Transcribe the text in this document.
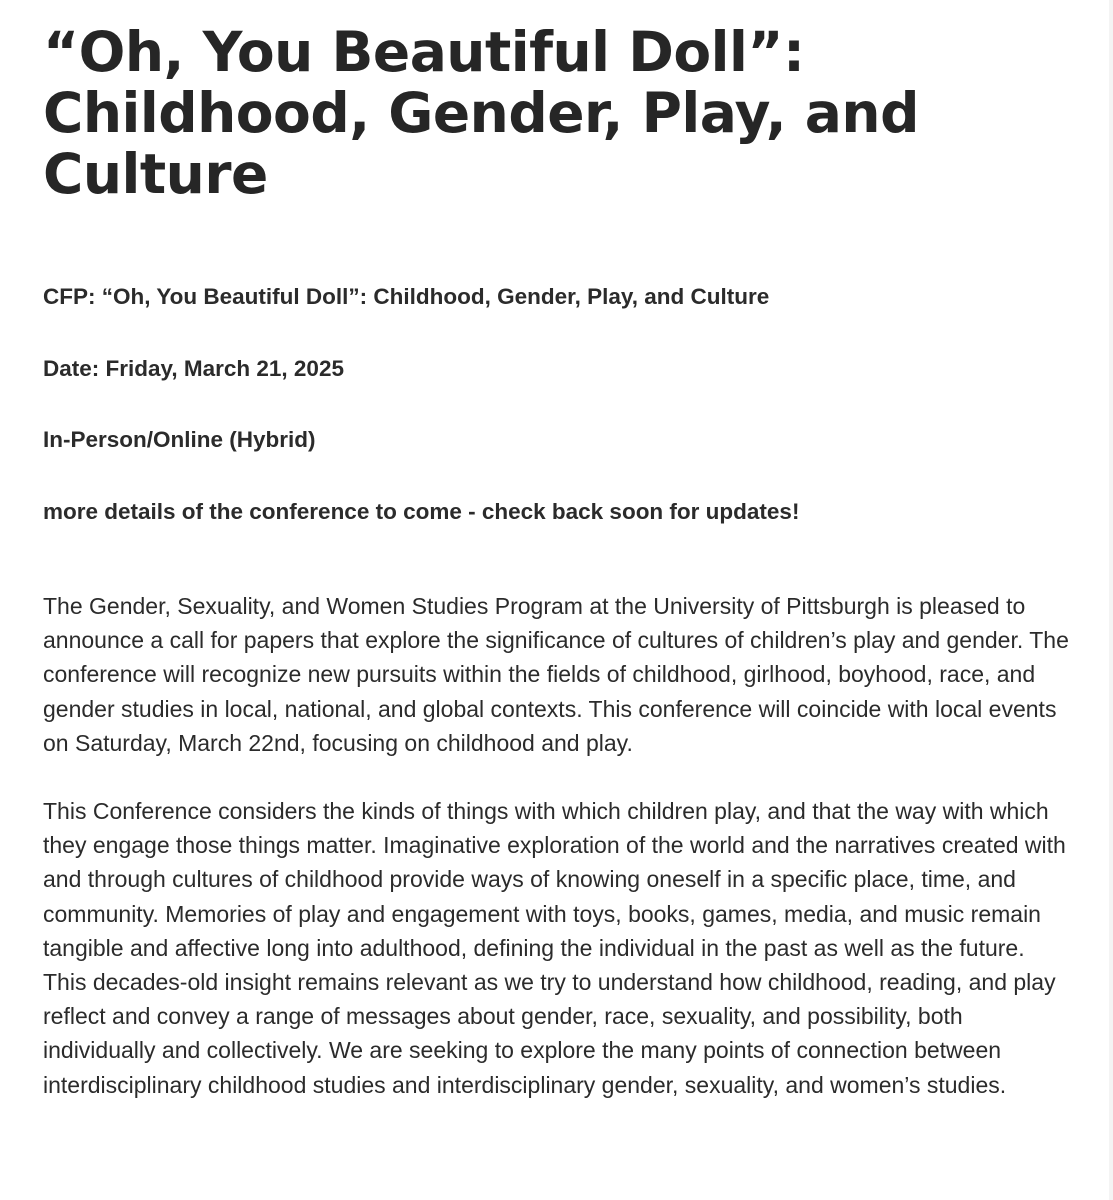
“Oh, You Beautiful Doll”: Childhood, Gender, Play, and Culture

CFP: “Oh, You Beautiful Doll”: Childhood, Gender, Play, and Culture

Date: Friday, March 21, 2025

In-Person/Online (Hybrid)

more details of the conference to come - check back soon for updates!

The Gender, Sexuality, and Women Studies Program at the University of Pittsburgh is pleased to announce a call for papers that explore the significance of cultures of children’s play and gender. The conference will recognize new pursuits within the fields of childhood, girlhood, boyhood, race, and gender studies in local, national, and global contexts. This conference will coincide with local events on Saturday, March 22nd, focusing on childhood and play.

This Conference considers the kinds of things with which children play, and that the way with which they engage those things matter. Imaginative exploration of the world and the narratives created with and through cultures of childhood provide ways of knowing oneself in a specific place, time, and community. Memories of play and engagement with toys, books, games, media, and music remain tangible and affective long into adulthood, defining the individual in the past as well as the future. This decades-old insight remains relevant as we try to understand how childhood, reading, and play reflect and convey a range of messages about gender, race, sexuality, and possibility, both individually and collectively. We are seeking to explore the many points of connection between interdisciplinary childhood studies and interdisciplinary gender, sexuality, and women’s studies.
